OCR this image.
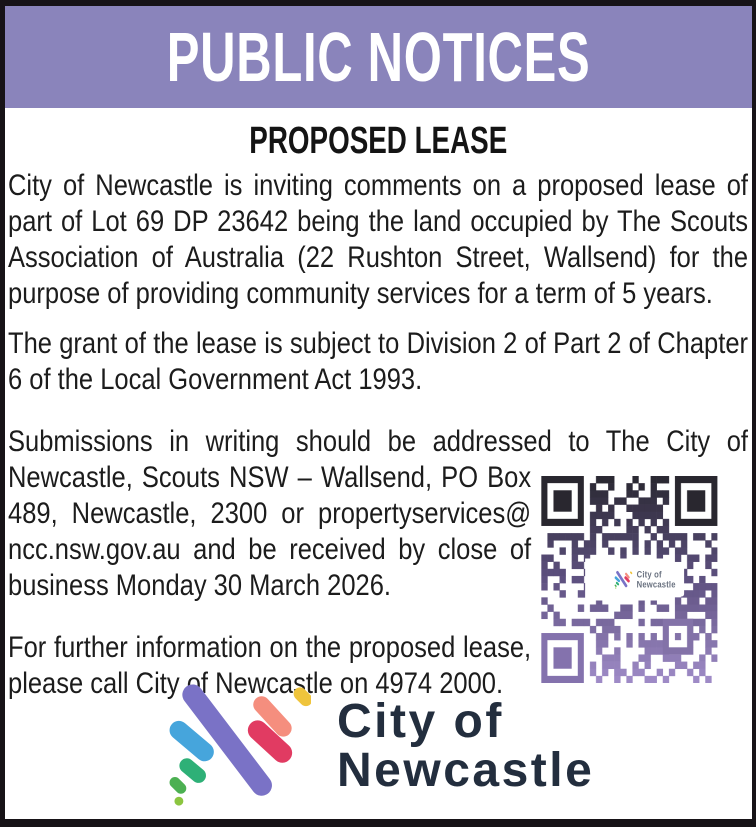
PUBLIC NOTICES
PROPOSED LEASE

City of Newcastle is inviting comments on a proposed lease of part of Lot 69 DP 23642 being the land occupied by The Scouts Association of Australia (22 Rushton Street, Wallsend) for the purpose of providing community services for a term of 5 years.

The grant of the lease is subject to Division 2 of Part 2 of Chapter 6 of the Local Government Act 1993.

City of
Newcastle
Submissions in writing should be addressed to The City of Newcastle, Scouts NSW – Wallsend, PO Box 489, Newcastle, 2300 or propertyservices@​ncc.nsw.gov.au and be received by close of business Monday 30 March 2026.

For further information on the proposed lease, please call City of Newcastle on 4974 2000.

City of
Newcastle
